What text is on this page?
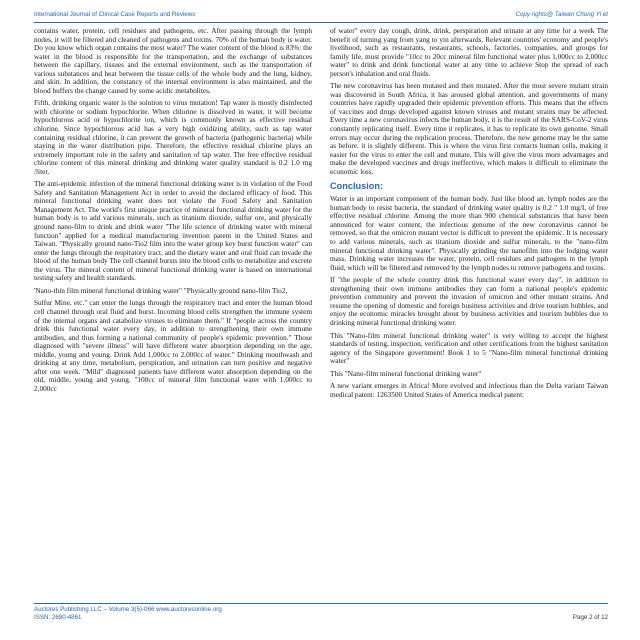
International Journal of Clinical Case Reports and Reviews	Copy rights@ Taiwan Chung Yi et

contains water, protein, cell residues and pathogens, etc. After passing through the lymph nodes, it will be filtered and cleaned of pathogens and toxins. 70% of the human body is water. Do you know which organ contains the most water? The water content of the blood is 83%: the water in the blood is responsible for the transportation, and the exchange of substances between the capillary, tissues and the external environment, such as the transportation of various substances and heat between the tissue cells of the whole body and the lung, kidney, and skin. In addition, the constancy of the internal environment is also maintained, and the blood buffers the change caused by some acidic metabolites.

Fifth, drinking organic water is the solution to virus mutation! Tap water is mostly disinfected with chlorine or sodium hypochlorite. When chlorine is dissolved in water, it will become hypochlorous acid or hypochlorite ion, which is commonly known as effective residual chlorine. Since hypochlorous acid has a very high oxidizing ability, such as tap water containing residual chlorine, it can prevent the growth of bacteria (pathogenic bacteria) while staying in the water distribution pipe. Therefore, the effective residual chlorine plays an extremely important role in the safety and sanitation of tap water. The free effective residual chlorine content of this mineral drinking and drinking water quality standard is 0.2 1.0 mg /liter.

The anti-epidemic infection of the mineral functional drinking water is in violation of the Food Safety and Sanitation Management Act in order to avoid the declared efficacy of food. This mineral functional drinking water does not violate the Food Safety and Sanitation Management Act. The world's first unique practice of mineral functional drinking water for the human body is to add various minerals, such as titanium dioxide, sulfur ore, and physically ground nano-film to drink and drink water "The life science of drinking water with mineral function" applied for a medical manufacturing invention patent in the United States and Taiwan. "Physically ground nano-Tio2 film into the water group key burst function water" can enter the lungs through the respiratory tract, and the dietary water and oral fluid can invade the blood of the human body The cell channel bursts into the blood cells to metabolize and excrete the virus. The mineral content of mineral functional drinking water is based on international testing safety and health standards.

'Nano-thin film mineral functional drinking water" "Physically ground nano-film Tio2,

Sulfur Mine, etc." can enter the lungs through the respiratory tract and enter the human blood cell channel through oral fluid and burst. Incoming blood cells strengthen the immune system of the internal organs and catabolize viruses to eliminate them." If "people across the country drink this functional water every day, in addition to strengthening their own immune antibodies, and thus forming a national community of people's epidemic prevention." Those diagnosed with "severe illness" will have different water absorption depending on the age, middle, young and young. Drink Add 1,000cc to 2,000cc of water." Drinking mouthwash and drinking at any time, metabolism, perspiration, and urination can turn positive and negative after one week. "Mild" diagnosed patients have different water absorption depending on the old, middle, young and young. "100cc of mineral film functional water with 1,000cc to 2,000cc

of water" every day cough, drink, drink, perspiration and urinate at any time for a week The benefit of turning yang from yang to yin afterwards. Relevant countries' economy and people's livelihood, such as restaurants, restaurants, schools, factories, companies, and groups for family life, must provide "10cc to 20cc mineral film functional water plus 1,000cc to 2,000cc water" to drink and drink functional water at any time to achieve Stop the spread of each person's inhalation and oral fluids.

The new coronavirus has been mutated and then mutated. After the most severe mutant strain was discovered in South Africa, it has aroused global attention, and governments of many countries have rapidly upgraded their epidemic prevention efforts. This means that the effects of vaccines and drugs developed against known viruses and mutant strains may be affected. Every time a new coronavirus infects the human body, it is the result of the SARS-CoV-2 virus constantly replicating itself. Every time it replicates, it has to replicate its own genome. Small errors may occur during the replication process. Therefore, the new genome may be the same as before. it is slightly different. This is where the virus first contacts human cells, making it easier for the virus to enter the cell and mutate. This will give the virus more advantages and make the developed vaccines and drugs ineffective, which makes it difficult to eliminate the economic loss.

Conclusion:

Water is an important component of the human body. Just like blood an. lymph nodes are the human body to resist bacteria, the standard of drinking water quality is 0.2 " 1.0 mg/L of free effective residual chlorine. Among the more than 900 chemical substances that have been announced for water content, the infectious genome of the new coronavirus cannot be removed, so that the omicron mutant vector is difficult to prevent the epidemic. It is necessary to add various minerals, such as titanium dioxide and sulfur minerals, to the "nano-film mineral functional drinking water". Physically grinding the nanofilm into the lodging water mass. Drinking water increases the water, protein, cell residues and pathogens in the lymph fluid, which will be filtered and removed by the lymph nodes to remove pathogens and toxins.

If "the people of the whole country drink this functional water every day", in addition to strengthening their own immune antibodies they can form a national people's epidemic prevention community and prevent the invasion of omicron and other mutant strains. And resume the opening of domestic and foreign business activities and drive tourism bubbles, and enjoy the economic miracles brought about by business activities and tourism bubbles due to drinking mineral functional drinking water.

This "Nano-film mineral functional drinking water" is very willing to accept the highest standards of testing, inspection, verification and other certifications from the highest sanitation agency of the Singapore government! Book 1 to 5 "Nano-film mineral functional drinking water"

This "Nano-film mineral functional drinking water"

A new variant emerges in Africa! More evolved and infectious than the Delta variant Taiwan medical patent: 1263500 United States of America medical patent:

Auctores Publishing LLC – Volume 3(5)-066 www.auctoresonline.org
ISSN: 2690-4861	Page 2 of 12
